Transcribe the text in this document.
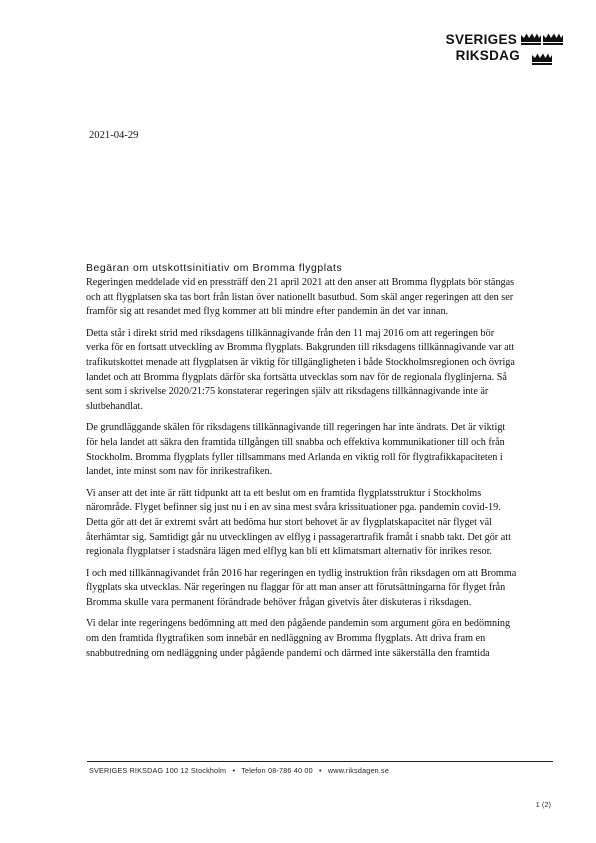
SVERIGES
RIKSDAG
2021-04-29
Begäran om utskottsinitiativ om Bromma flygplats

Regeringen meddelade vid en pressträff den 21 april 2021 att den anser att Bromma flygplats bör stängas och att flygplatsen ska tas bort från listan över nationellt basutbud. Som skäl anger regeringen att den ser framför sig att resandet med flyg kommer att bli mindre efter pandemin än det var innan.

Detta står i direkt strid med riksdagens tillkännagivande från den 11 maj 2016 om att regeringen bör verka för en fortsatt utveckling av Bromma flygplats. Bakgrunden till riksdagens tillkännagivande var att trafikutskottet menade att flygplatsen är viktig för tillgängligheten i både Stockholmsregionen och övriga landet och att Bromma flygplats därför ska fortsätta utvecklas som nav för de regionala flyglinjerna. Så sent som i skrivelse 2020/21:75 konstaterar regeringen själv att riksdagens tillkännagivande inte är slutbehandlat.

De grundläggande skälen för riksdagens tillkännagivande till regeringen har inte ändrats. Det är viktigt för hela landet att säkra den framtida tillgången till snabba och effektiva kommunikationer till och från Stockholm. Bromma flygplats fyller tillsammans med Arlanda en viktig roll för flygtrafikkapaciteten i landet, inte minst som nav för inrikestrafiken.

Vi anser att det inte är rätt tidpunkt att ta ett beslut om en framtida flygplatsstruktur i Stockholms närområde. Flyget befinner sig just nu i en av sina mest svåra krissituationer pga. pandemin covid-19. Detta gör att det är extremt svårt att bedöma hur stort behovet är av flygplatskapacitet när flyget väl återhämtar sig. Samtidigt går nu utvecklingen av elflyg i passagerartrafik framåt i snabb takt. Det gör att regionala flygplatser i stadsnära lägen med elflyg kan bli ett klimatsmart alternativ för inrikes resor.

I och med tillkännagivandet från 2016 har regeringen en tydlig instruktion från riksdagen om att Bromma flygplats ska utvecklas. När regeringen nu flaggar för att man anser att förutsättningarna för flyget från Bromma skulle vara permanent förändrade behöver frågan givetvis åter diskuteras i riksdagen.

Vi delar inte regeringens bedömning att med den pågående pandemin som argument göra en bedömning om den framtida flygtrafiken som innebär en nedläggning av Bromma flygplats. Att driva fram en snabbutredning om nedläggning under pågående pandemi och därmed inte säkerställa den framtida

SVERIGES RIKSDAG 100 12 Stockholm • Telefon 08-786 40 00 • www.riksdagen.se
1 (2)
